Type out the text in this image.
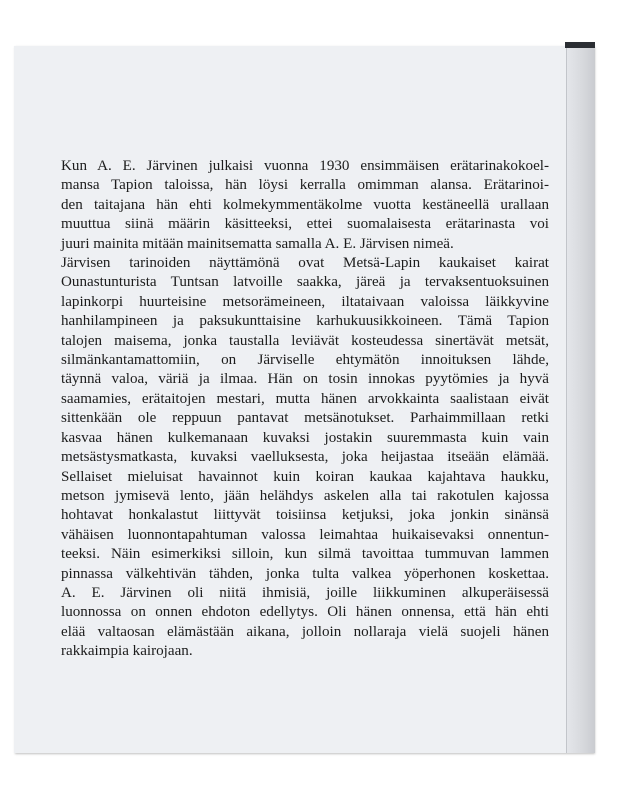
Kun A. E. Järvinen julkaisi vuonna 1930 ensimmäisen erätarinakokoel-
mansa Tapion taloissa, hän löysi kerralla omimman alansa. Erätarinoi-
den taitajana hän ehti kolmekymmentäkolme vuotta kestäneellä urallaan
muuttua siinä määrin käsitteeksi, ettei suomalaisesta erätarinasta voi
juuri mainita mitään mainitsematta samalla A. E. Järvisen nimeä.
Järvisen tarinoiden näyttämönä ovat Metsä-Lapin kaukaiset kairat
Ounastunturista Tuntsan latvoille saakka, järeä ja tervaksentuoksuinen
lapinkorpi huurteisine metsorämeineen, iltataivaan valoissa läikkyvine
hanhilampineen ja paksukunttaisine karhukuusikkoineen. Tämä Tapion
talojen maisema, jonka taustalla leviävät kosteudessa sinertävät metsät,
silmänkantamattomiin, on Järviselle ehtymätön innoituksen lähde,
täynnä valoa, väriä ja ilmaa. Hän on tosin innokas pyytömies ja hyvä
saamamies, erätaitojen mestari, mutta hänen arvokkainta saalistaan eivät
sittenkään ole reppuun pantavat metsänotukset. Parhaimmillaan retki
kasvaa hänen kulkemanaan kuvaksi jostakin suuremmasta kuin vain
metsästysmatkasta, kuvaksi vaelluksesta, joka heijastaa itseään elämää.
Sellaiset mieluisat havainnot kuin koiran kaukaa kajahtava haukku,
metson jymisevä lento, jään helähdys askelen alla tai rakotulen kajossa
hohtavat honkalastut liittyvät toisiinsa ketjuksi, joka jonkin sinänsä
vähäisen luonnontapahtuman valossa leimahtaa huikaisevaksi onnentun-
teeksi. Näin esimerkiksi silloin, kun silmä tavoittaa tummuvan lammen
pinnassa välkehtivän tähden, jonka tulta valkea yöperhonen koskettaa.
A. E. Järvinen oli niitä ihmisiä, joille liikkuminen alkuperäisessä
luonnossa on onnen ehdoton edellytys. Oli hänen onnensa, että hän ehti
elää valtaosan elämästään aikana, jolloin nollaraja vielä suojeli hänen
rakkaimpia kairojaan.
